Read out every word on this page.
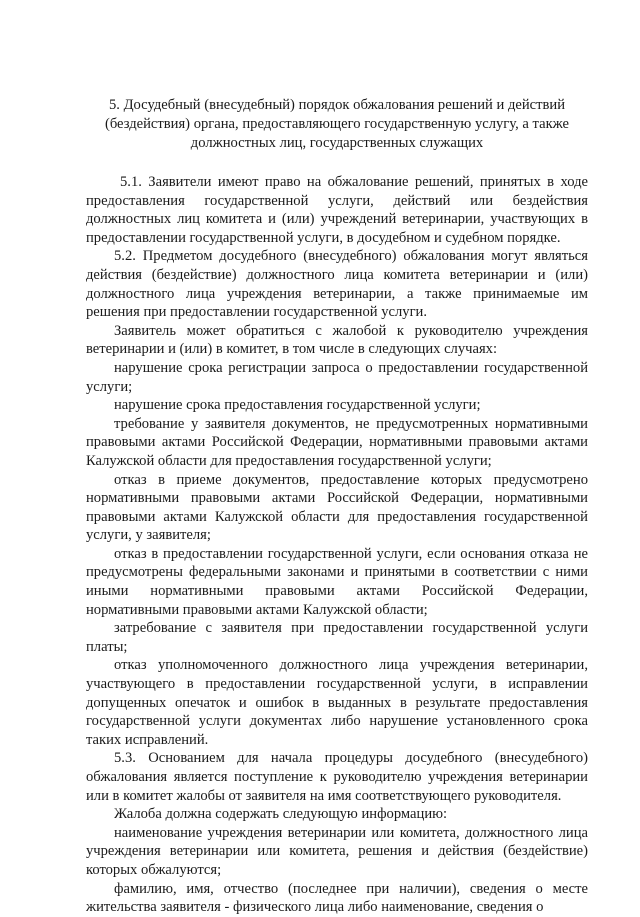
5. Досудебный (внесудебный) порядок обжалования решений и действий (бездействия) органа, предоставляющего государственную услугу, а также должностных лиц, государственных служащих

5.1. Заявители имеют право на обжалование решений, принятых в ходе предоставления государственной услуги, действий или бездействия должностных лиц комитета и (или) учреждений ветеринарии, участвующих в предоставлении государственной услуги, в досудебном и судебном порядке.

5.2. Предметом досудебного (внесудебного) обжалования могут являться действия (бездействие) должностного лица комитета ветеринарии и (или) должностного лица учреждения ветеринарии, а также принимаемые им решения при предоставлении государственной услуги.

Заявитель может обратиться с жалобой к руководителю учреждения ветеринарии и (или) в комитет, в том числе в следующих случаях:

нарушение срока регистрации запроса о предоставлении государственной услуги;

нарушение срока предоставления государственной услуги;

требование у заявителя документов, не предусмотренных нормативными правовыми актами Российской Федерации, нормативными правовыми актами Калужской области для предоставления государственной услуги;

отказ в приеме документов, предоставление которых предусмотрено нормативными правовыми актами Российской Федерации, нормативными правовыми актами Калужской области для предоставления государственной услуги, у заявителя;

отказ в предоставлении государственной услуги, если основания отказа не предусмотрены федеральными законами и принятыми в соответствии с ними иными нормативными правовыми актами Российской Федерации, нормативными правовыми актами Калужской области;

затребование с заявителя при предоставлении государственной услуги платы;

отказ уполномоченного должностного лица учреждения ветеринарии, участвующего в предоставлении государственной услуги, в исправлении допущенных опечаток и ошибок в выданных в результате предоставления государственной услуги документах либо нарушение установленного срока таких исправлений.

5.3. Основанием для начала процедуры досудебного (внесудебного) обжалования является поступление к руководителю учреждения ветеринарии или в комитет жалобы от заявителя на имя соответствующего руководителя.

Жалоба должна содержать следующую информацию:

наименование учреждения ветеринарии или комитета, должностного лица учреждения ветеринарии или комитета, решения и действия (бездействие) которых обжалуются;

фамилию, имя, отчество (последнее при наличии), сведения о месте жительства заявителя - физического лица либо наименование, сведения о
